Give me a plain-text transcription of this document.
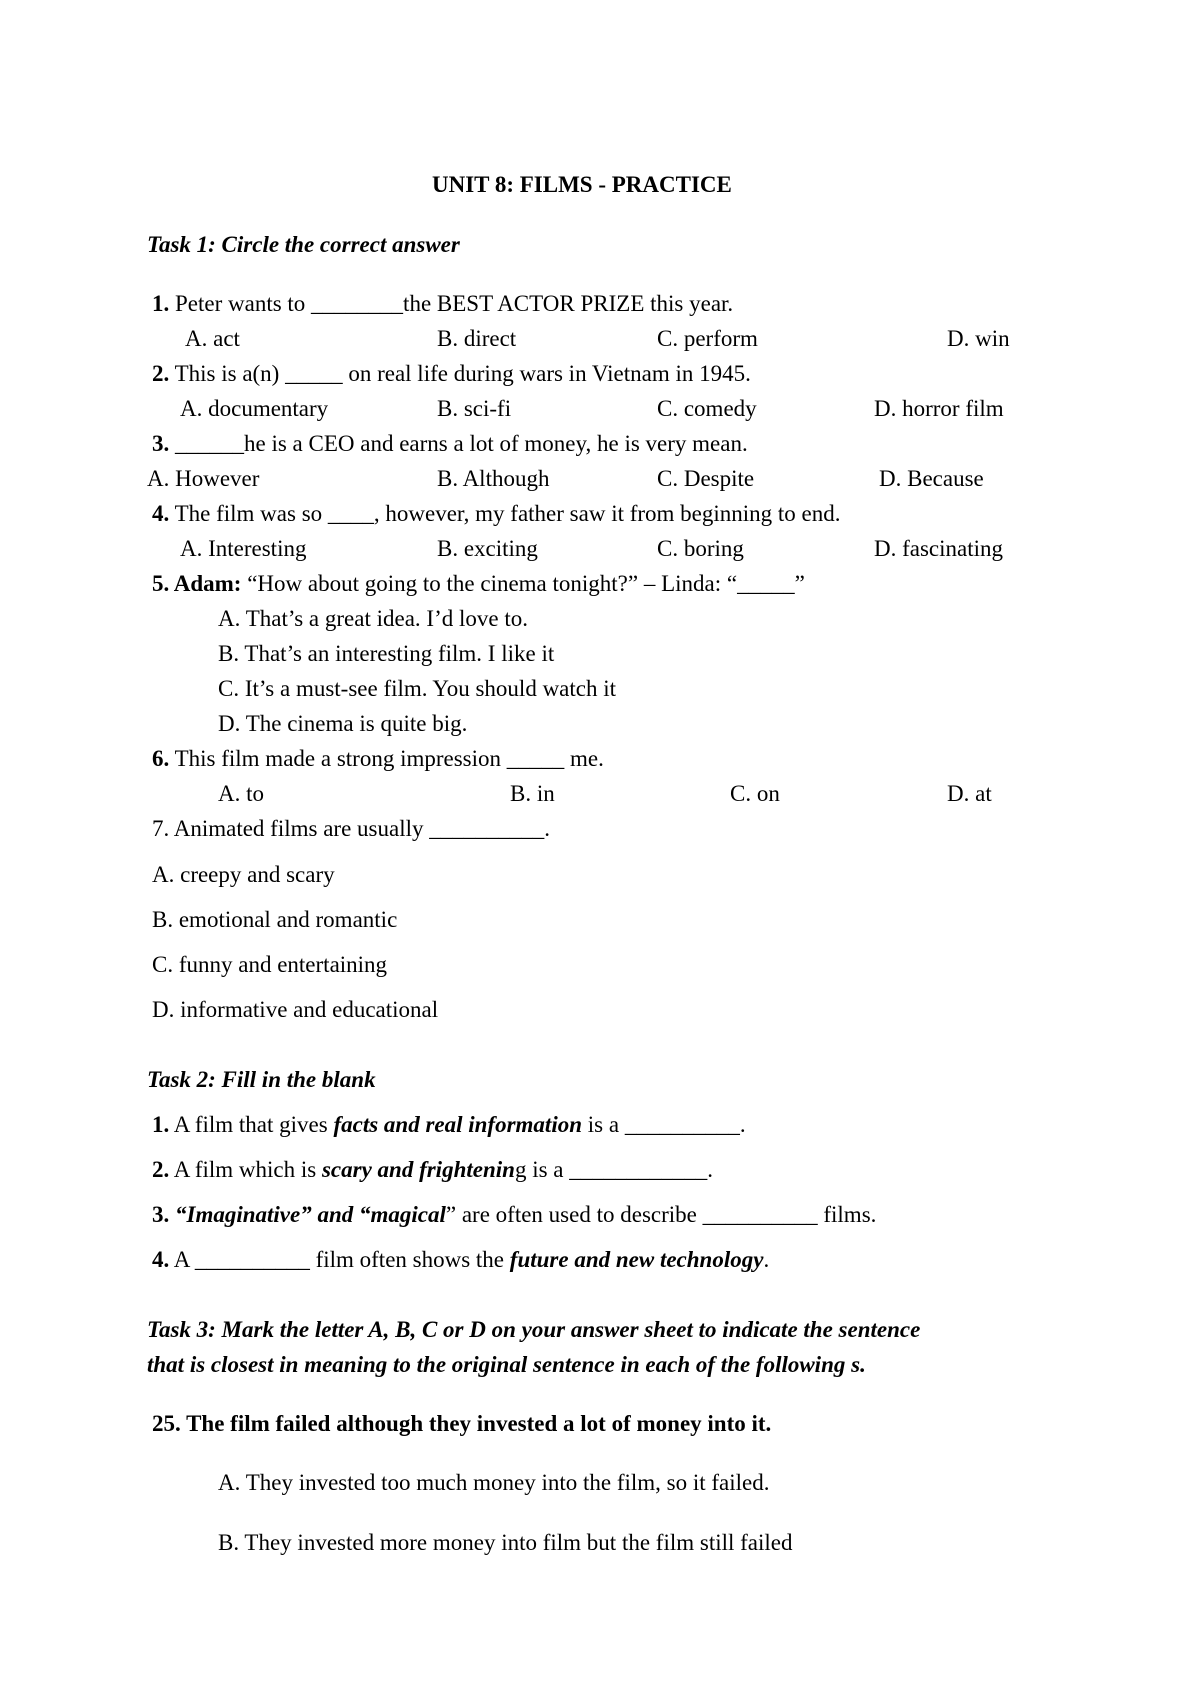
UNIT 8: FILMS - PRACTICE
Task 1: Circle the correct answer
1. Peter wants to ________the BEST ACTOR PRIZE this year.
A. act	B. direct	C. perform	D. win
2. This is a(n) _____ on real life during wars in Vietnam in 1945.
A. documentary	B. sci-fi	C. comedy	D. horror film
3. ______he is a CEO and earns a lot of money, he is very mean.
A. However	B. Although	C. Despite	D. Because
4. The film was so ____, however, my father saw it from beginning to end.
A. Interesting	B. exciting	C. boring	D. fascinating
5. Adam: “How about going to the cinema tonight?” – Linda: “_____”
A. That’s a great idea. I’d love to.
B. That’s an interesting film. I like it
C. It’s a must-see film. You should watch it
D. The cinema is quite big.
6. This film made a strong impression _____ me.
A. to	B. in	C. on	D. at
7. Animated films are usually __________.
A. creepy and scary
B. emotional and romantic
C. funny and entertaining
D. informative and educational
Task 2: Fill in the blank
1. A film that gives facts and real information is a __________.
2. A film which is scary and frightening is a ____________.
3. “Imaginative” and “magical” are often used to describe __________ films.
4. A __________ film often shows the future and new technology.
Task 3: Mark the letter A, B, C or D on your answer sheet to indicate the sentence
that is closest in meaning to the original sentence in each of the following s.
25. The film failed although they invested a lot of money into it.
A. They invested too much money into the film, so it failed.
B. They invested more money into film but the film still failed
